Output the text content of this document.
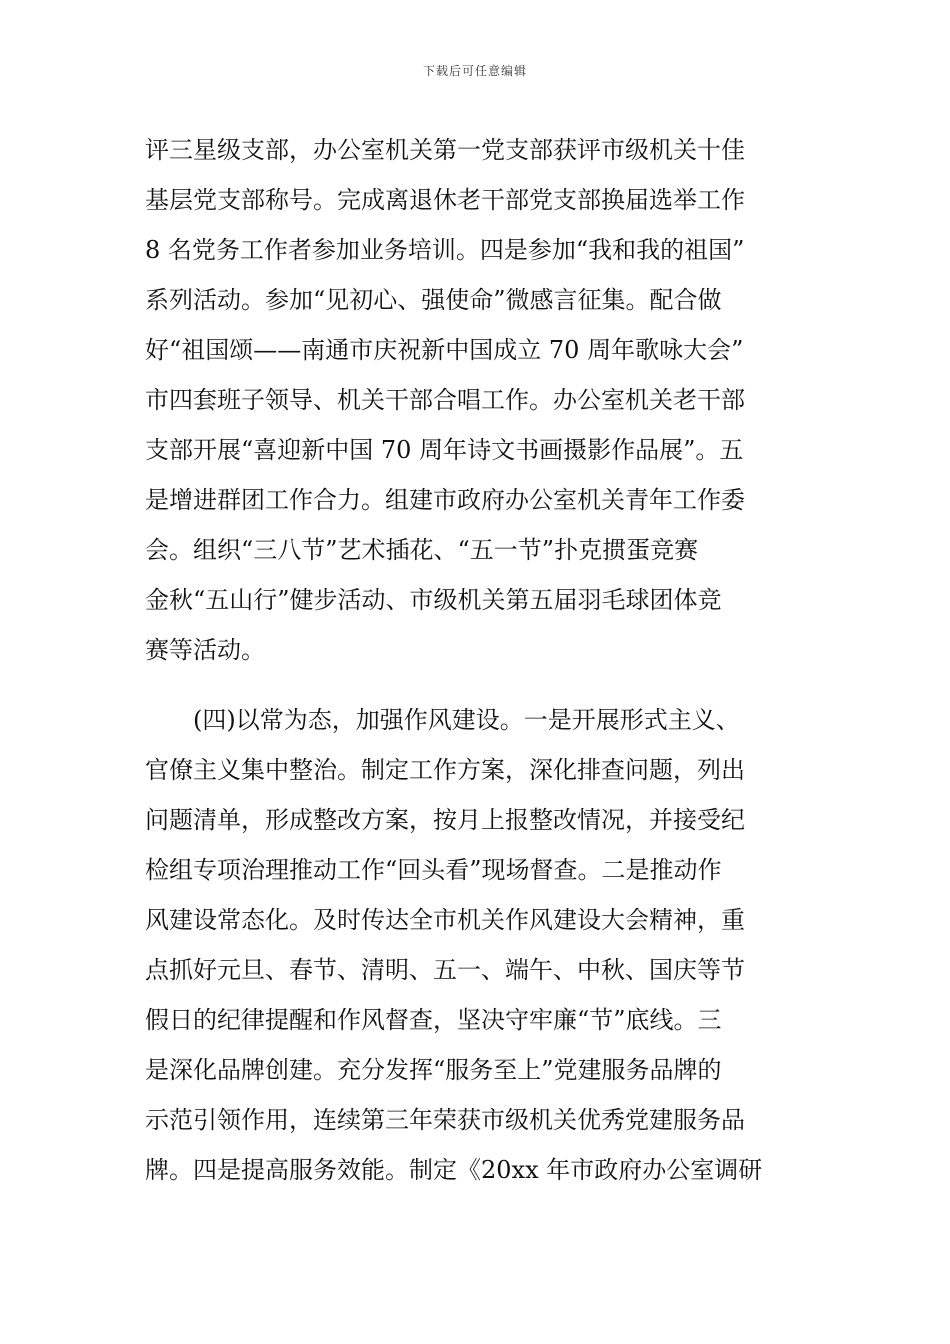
下载后可任意编辑
评三星级支部，办公室机关第一党支部获评市级机关十佳
基层党支部称号。完成离退休老干部党支部换届选举工作
8 名党务工作者参加业务培训。四是参加“我和我的祖国”
系列活动。参加“见初心、强使命”微感言征集。配合做
好“祖国颂——南通市庆祝新中国成立 70 周年歌咏大会”
市四套班子领导、机关干部合唱工作。办公室机关老干部
支部开展“喜迎新中国 70 周年诗文书画摄影作品展”。五
是增进群团工作合力。组建市政府办公室机关青年工作委
会。组织“三八节”艺术插花、“五一节”扑克掼蛋竞赛
金秋“五山行”健步活动、市级机关第五届羽毛球团体竞
赛等活动。
(四)以常为态，加强作风建设。一是开展形式主义、
官僚主义集中整治。制定工作方案，深化排查问题，列出
问题清单，形成整改方案，按月上报整改情况，并接受纪
检组专项治理推动工作“回头看”现场督查。二是推动作
风建设常态化。及时传达全市机关作风建设大会精神，重
点抓好元旦、春节、清明、五一、端午、中秋、国庆等节
假日的纪律提醒和作风督查，坚决守牢廉“节”底线。三
是深化品牌创建。充分发挥“服务至上”党建服务品牌的
示范引领作用，连续第三年荣获市级机关优秀党建服务品
牌。四是提高服务效能。制定《20xx 年市政府办公室调研
